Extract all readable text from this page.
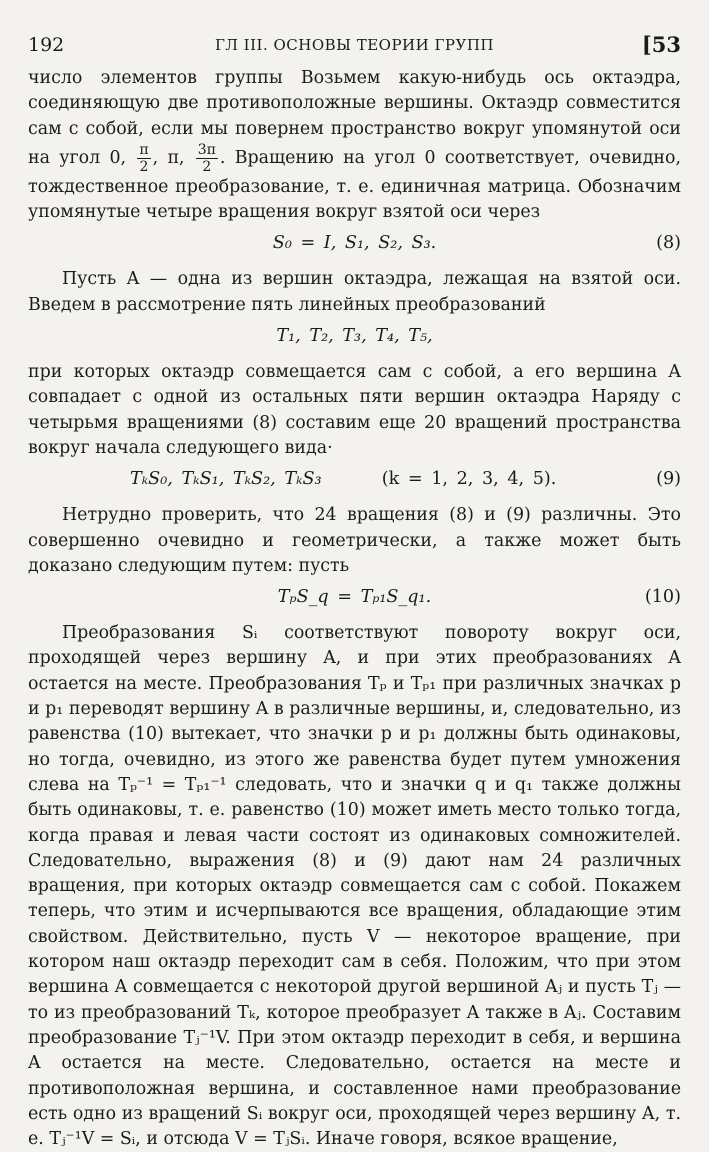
192	ГЛ III. ОСНОВЫ ТЕОРИИ ГРУПП	[53

число элементов группы Возьмем какую-нибудь ось октаэдра, соединяющую две противоположные вершины. Октаэдр совместится сам с собой, если мы повернем пространство вокруг упомянутой оси на угол 0, $\frac{\pi}{2}$ , π, $\frac{3\pi}{2}$ . Вращению на угол 0 соответствует, очевидно, тождественное преобразование, т. е. единичная матрица. Обозначим упомянутые четыре вращения вокруг взятой оси через

S₀ = I, S₁, S₂, S₃.	(8)

Пусть A — одна из вершин октаэдра, лежащая на взятой оси. Введем в рассмотрение пять линейных преобразований

T₁, T₂, T₃, T₄, T₅,

при которых октаэдр совмещается сам с собой, а его вершина A совпадает с одной из остальных пяти вершин октаэдра Наряду с четырьмя вращениями (8) составим еще 20 вращений пространства вокруг начала следующего вида·

TₖS₀, TₖS₁, TₖS₂, TₖS₃	(k = 1, 2, 3, 4, 5).	(9)

Нетрудно проверить, что 24 вращения (8) и (9) различны. Это совершенно очевидно и геометрически, а также может быть доказано следующим путем: пусть

TₚS_q = Tₚ₁S_q₁.	(10)

Преобразования Sᵢ соответствуют повороту вокруг оси, проходящей через вершину A, и при этих преобразованиях A остается на месте. Преобразования Tₚ и Tₚ₁ при различных значках p и p₁ переводят вершину A в различные вершины, и, следовательно, из равенства (10) вытекает, что значки p и p₁ должны быть одинаковы, но тогда, очевидно, из этого же равенства будет путем умножения слева на Tₚ⁻¹ = Tₚ₁⁻¹ следовать, что и значки q и q₁ также должны быть одинаковы, т. е. равенство (10) может иметь место только тогда, когда правая и левая части состоят из одинаковых сомножителей. Следовательно, выражения (8) и (9) дают нам 24 различных вращения, при которых октаэдр совмещается сам с собой. Покажем теперь, что этим и исчерпываются все вращения, обладающие этим свойством. Действительно, пусть V — некоторое вращение, при котором наш октаэдр переходит сам в себя. Положим, что при этом вершина A совмещается с некоторой другой вершиной Aⱼ и пусть Tⱼ — то из преобразований Tₖ, которое преобразует A также в Aⱼ. Составим преобразование Tⱼ⁻¹V. При этом октаэдр переходит в себя, и вершина A остается на месте. Следовательно, остается на месте и противоположная вершина, и составленное нами преобразование есть одно из вращений Sᵢ вокруг оси, проходящей через вершину A, т. е. Tⱼ⁻¹V = Sᵢ, и отсюда V = TⱼSᵢ. Иначе говоря, всякое вращение,
